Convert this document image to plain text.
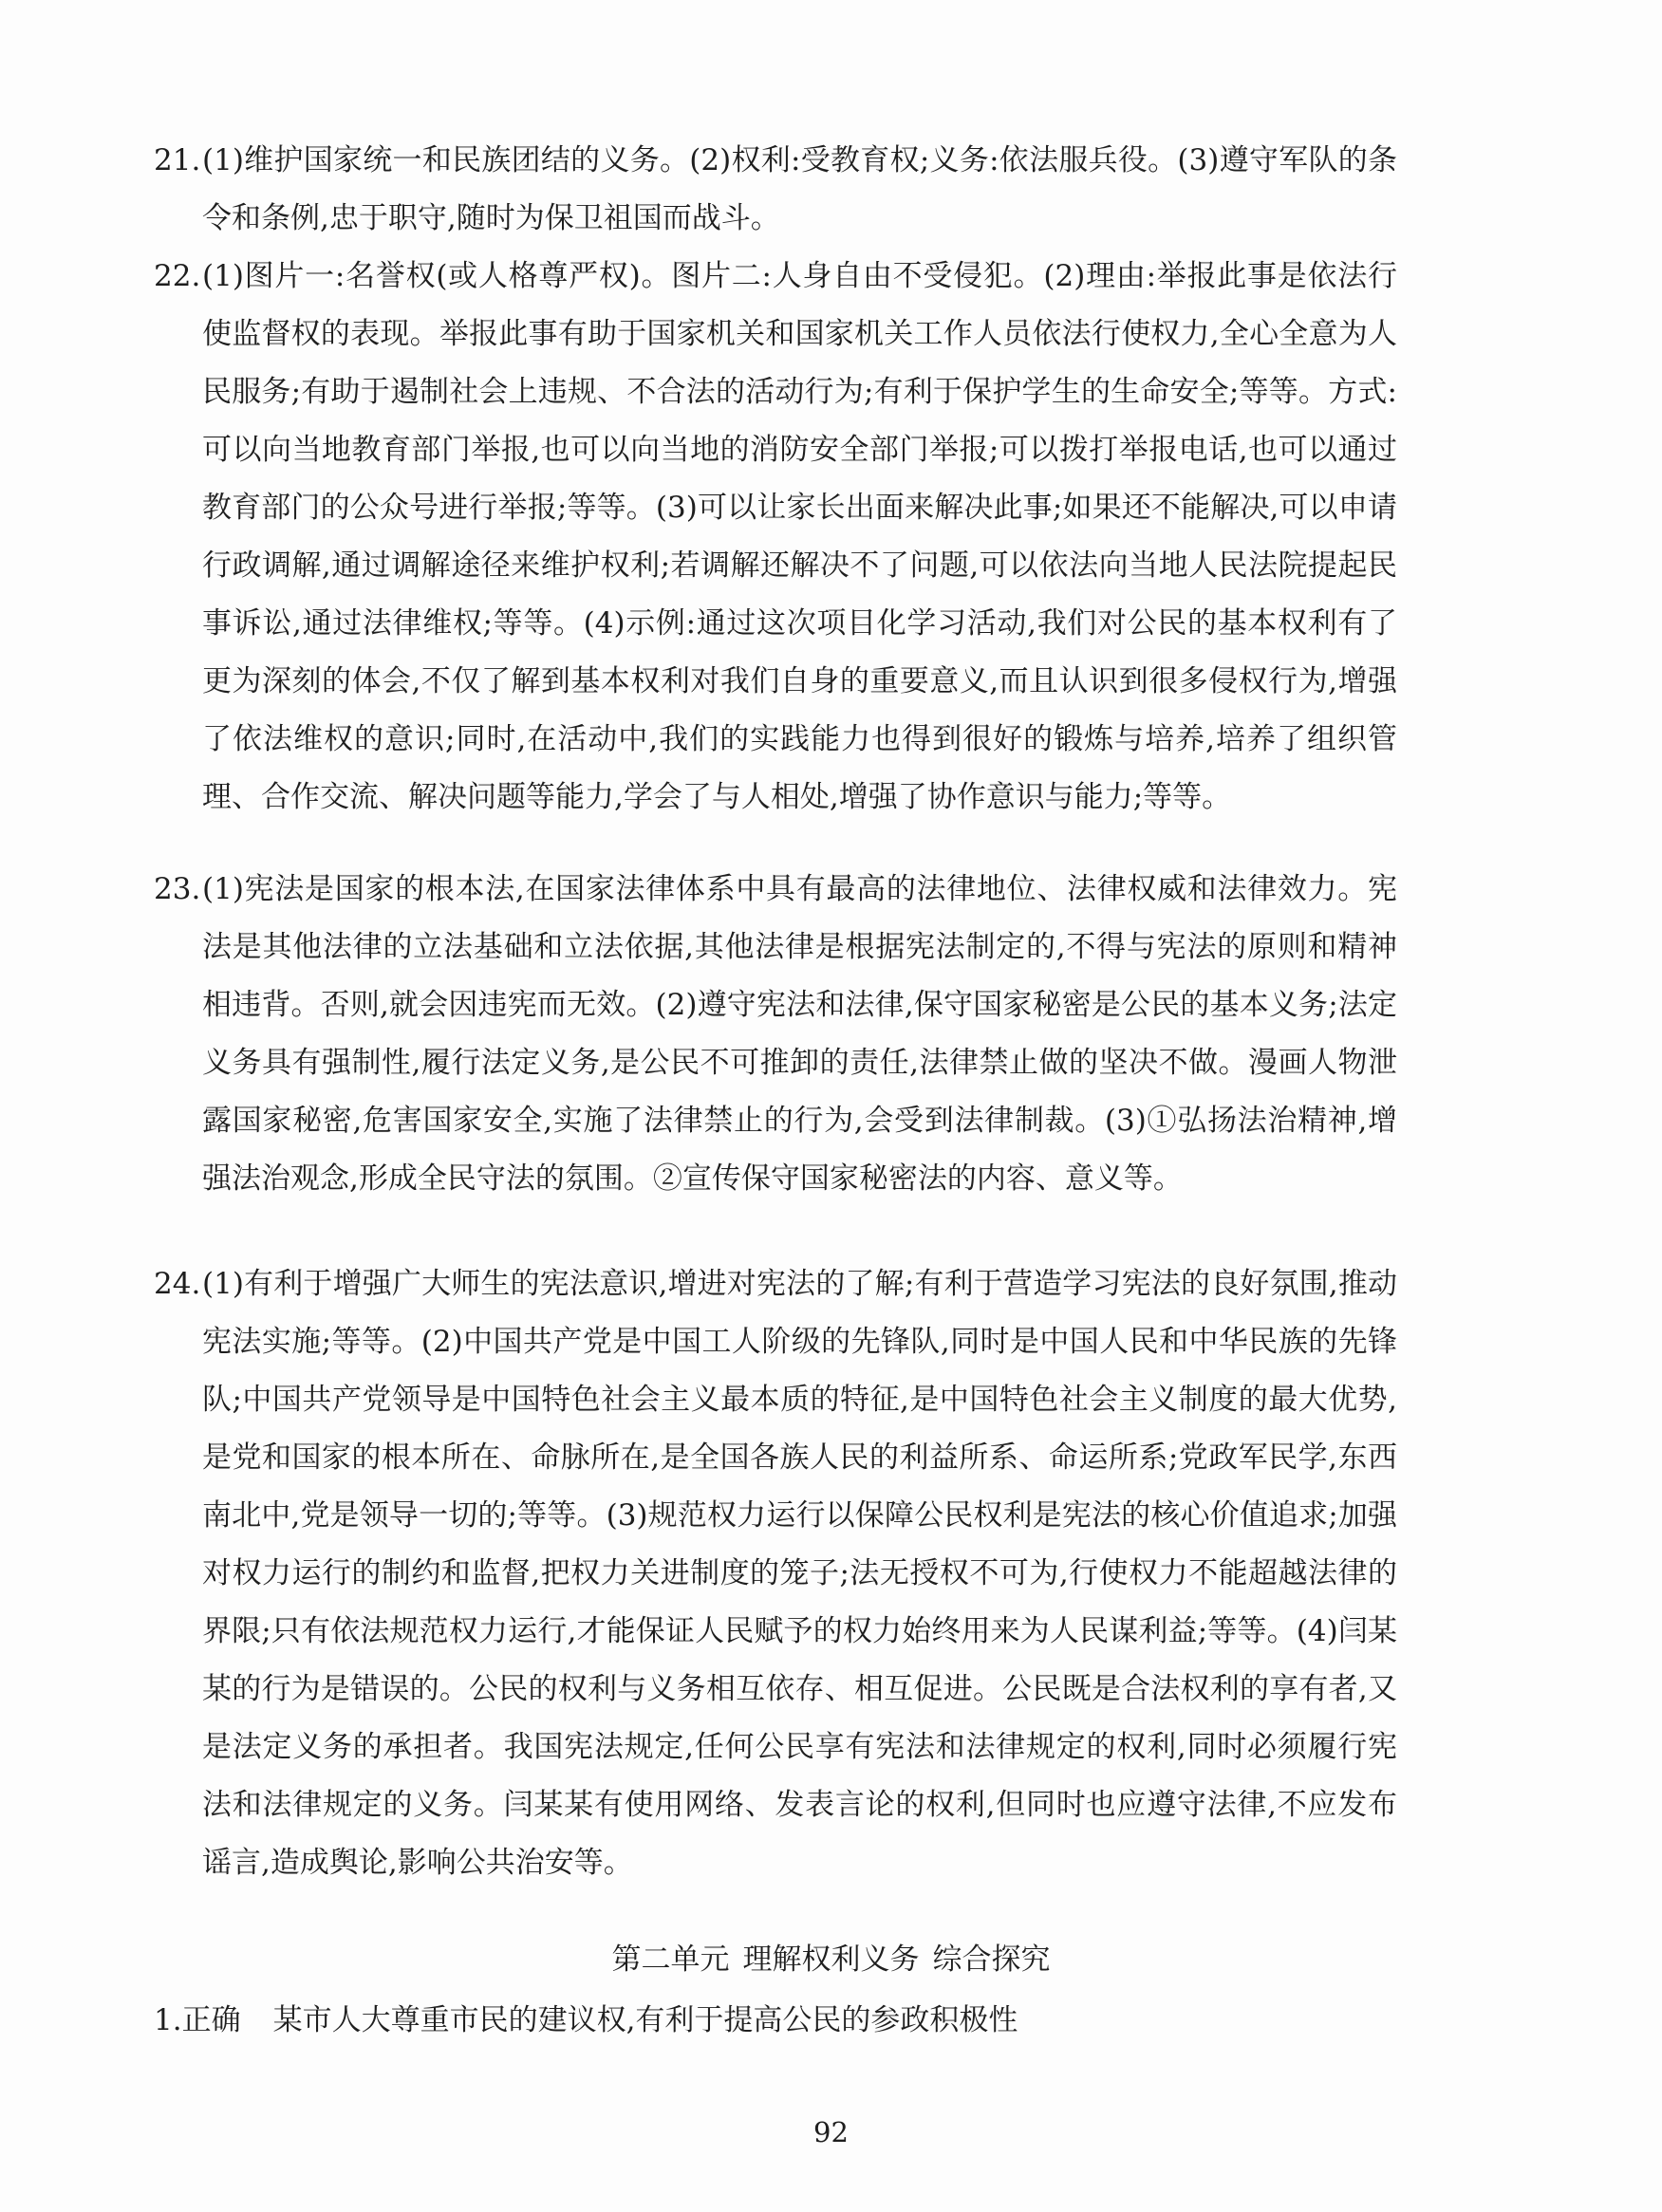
21. (1)维护国家统一和民族团结的义务。(2)权利:受教育权;义务:依法服兵役。(3)遵守军队的条令和条例,忠于职守,随时为保卫祖国而战斗。
22. (1)图片一:名誉权(或人格尊严权)。图片二:人身自由不受侵犯。(2)理由:举报此事是依法行使监督权的表现。举报此事有助于国家机关和国家机关工作人员依法行使权力,全心全意为人民服务;有助于遏制社会上违规、不合法的活动行为;有利于保护学生的生命安全;等等。方式:可以向当地教育部门举报,也可以向当地的消防安全部门举报;可以拨打举报电话,也可以通过教育部门的公众号进行举报;等等。(3)可以让家长出面来解决此事;如果还不能解决,可以申请行政调解,通过调解途径来维护权利;若调解还解决不了问题,可以依法向当地人民法院提起民事诉讼,通过法律维权;等等。(4)示例:通过这次项目化学习活动,我们对公民的基本权利有了更为深刻的体会,不仅了解到基本权利对我们自身的重要意义,而且认识到很多侵权行为,增强了依法维权的意识;同时,在活动中,我们的实践能力也得到很好的锻炼与培养,培养了组织管理、合作交流、解决问题等能力,学会了与人相处,增强了协作意识与能力;等等。
23. (1)宪法是国家的根本法,在国家法律体系中具有最高的法律地位、法律权威和法律效力。宪法是其他法律的立法基础和立法依据,其他法律是根据宪法制定的,不得与宪法的原则和精神相违背。否则,就会因违宪而无效。(2)遵守宪法和法律,保守国家秘密是公民的基本义务;法定义务具有强制性,履行法定义务,是公民不可推卸的责任,法律禁止做的坚决不做。漫画人物泄露国家秘密,危害国家安全,实施了法律禁止的行为,会受到法律制裁。(3)①弘扬法治精神,增强法治观念,形成全民守法的氛围。②宣传保守国家秘密法的内容、意义等。
24. (1)有利于增强广大师生的宪法意识,增进对宪法的了解;有利于营造学习宪法的良好氛围,推动宪法实施;等等。(2)中国共产党是中国工人阶级的先锋队,同时是中国人民和中华民族的先锋队;中国共产党领导是中国特色社会主义最本质的特征,是中国特色社会主义制度的最大优势,是党和国家的根本所在、命脉所在,是全国各族人民的利益所系、命运所系;党政军民学,东西南北中,党是领导一切的;等等。(3)规范权力运行以保障公民权利是宪法的核心价值追求;加强对权力运行的制约和监督,把权力关进制度的笼子;法无授权不可为,行使权力不能超越法律的界限;只有依法规范权力运行,才能保证人民赋予的权力始终用来为人民谋利益;等等。(4)闫某某的行为是错误的。公民的权利与义务相互依存、相互促进。公民既是合法权利的享有者,又是法定义务的承担者。我国宪法规定,任何公民享有宪法和法律规定的权利,同时必须履行宪法和法律规定的义务。闫某某有使用网络、发表言论的权利,但同时也应遵守法律,不应发布谣言,造成舆论,影响公共治安等。
第二单元 理解权利义务 综合探究
1.正确 某市人大尊重市民的建议权,有利于提高公民的参政积极性
92
